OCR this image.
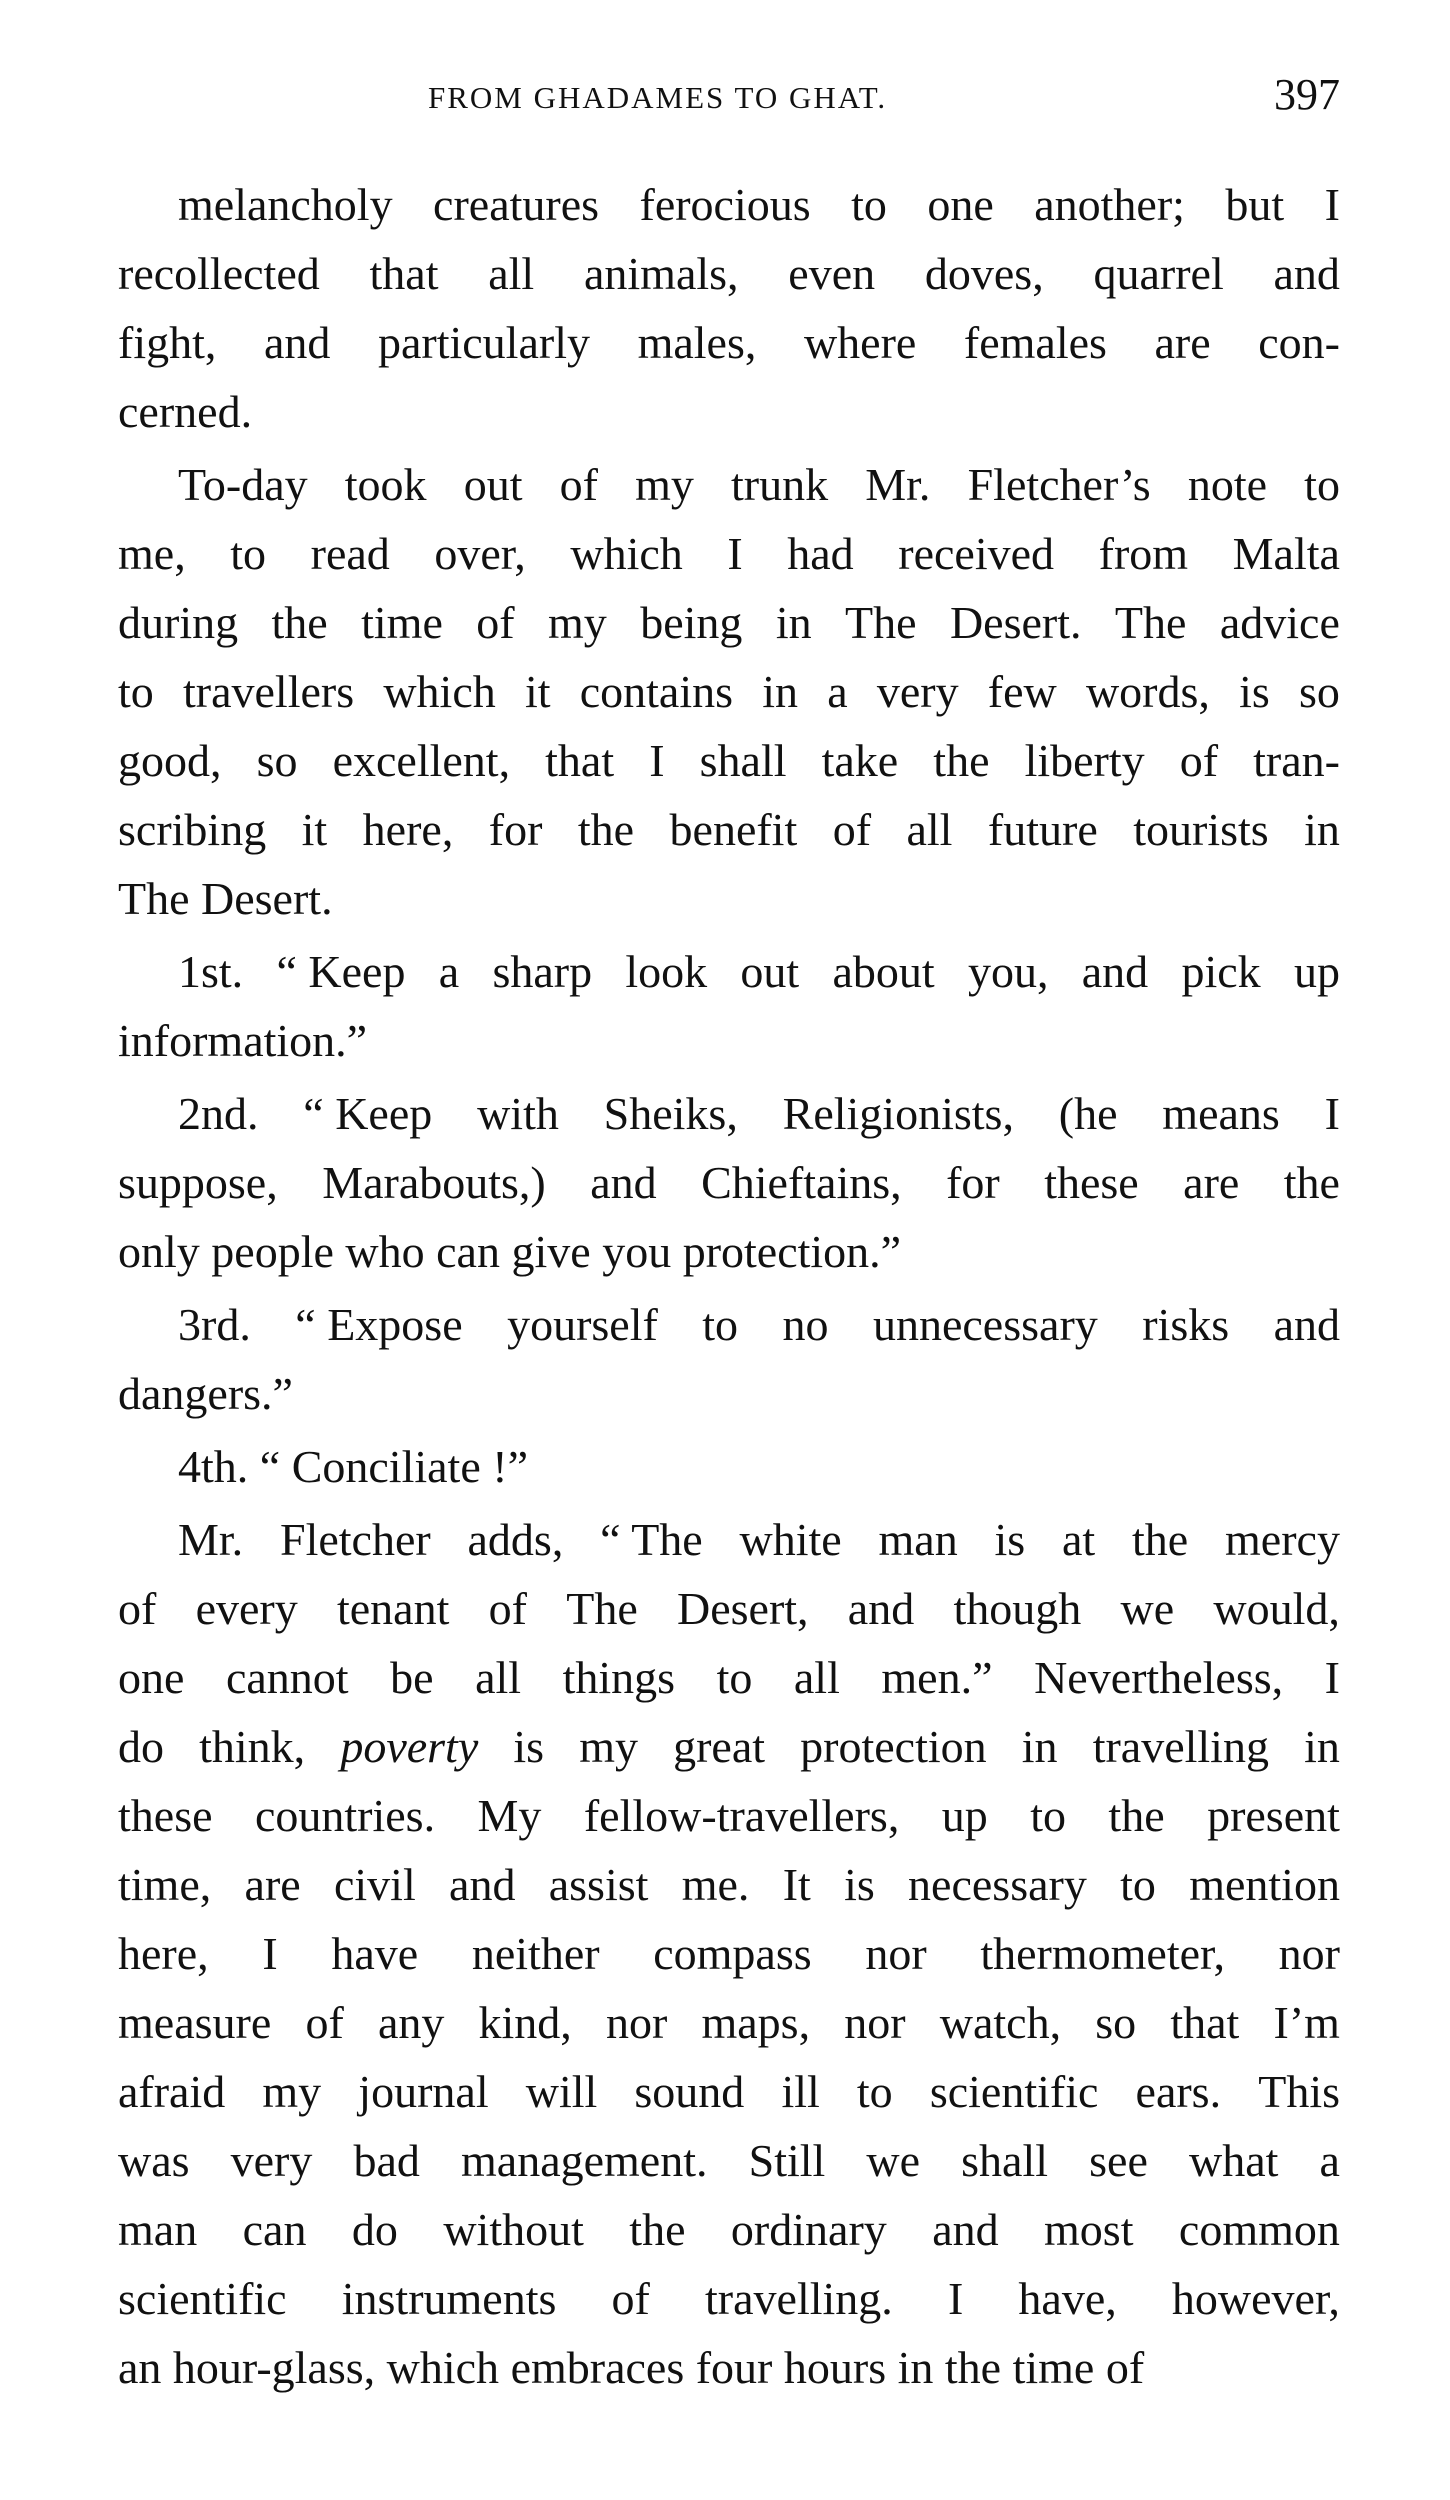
FROM GHADAMES TO GHAT.	397
melancholy creatures ferocious to one another; but I
recollected that all animals, even doves, quarrel and
fight, and particularly males, where females are con-
cerned.
To-day took out of my trunk Mr. Fletcher’s note to
me, to read over, which I had received from Malta
during the time of my being in The Desert. The advice
to travellers which it contains in a very few words, is so
good, so excellent, that I shall take the liberty of tran-
scribing it here, for the benefit of all future tourists in
The Desert.
1st. “ Keep a sharp look out about you, and pick up
information.”
2nd. “ Keep with Sheiks, Religionists, (he means I
suppose, Marabouts,) and Chieftains, for these are the
only people who can give you protection.”
3rd. “ Expose yourself to no unnecessary risks and
dangers.”
4th. “ Conciliate !”
Mr. Fletcher adds, “ The white man is at the mercy
of every tenant of The Desert, and though we would,
one cannot be all things to all men.” Nevertheless, I
do think, poverty is my great protection in travelling in
these countries. My fellow-travellers, up to the present
time, are civil and assist me. It is necessary to mention
here, I have neither compass nor thermometer, nor
measure of any kind, nor maps, nor watch, so that I’m
afraid my journal will sound ill to scientific ears. This
was very bad management. Still we shall see what a
man can do without the ordinary and most common
scientific instruments of travelling. I have, however,
an hour-glass, which embraces four hours in the time of
